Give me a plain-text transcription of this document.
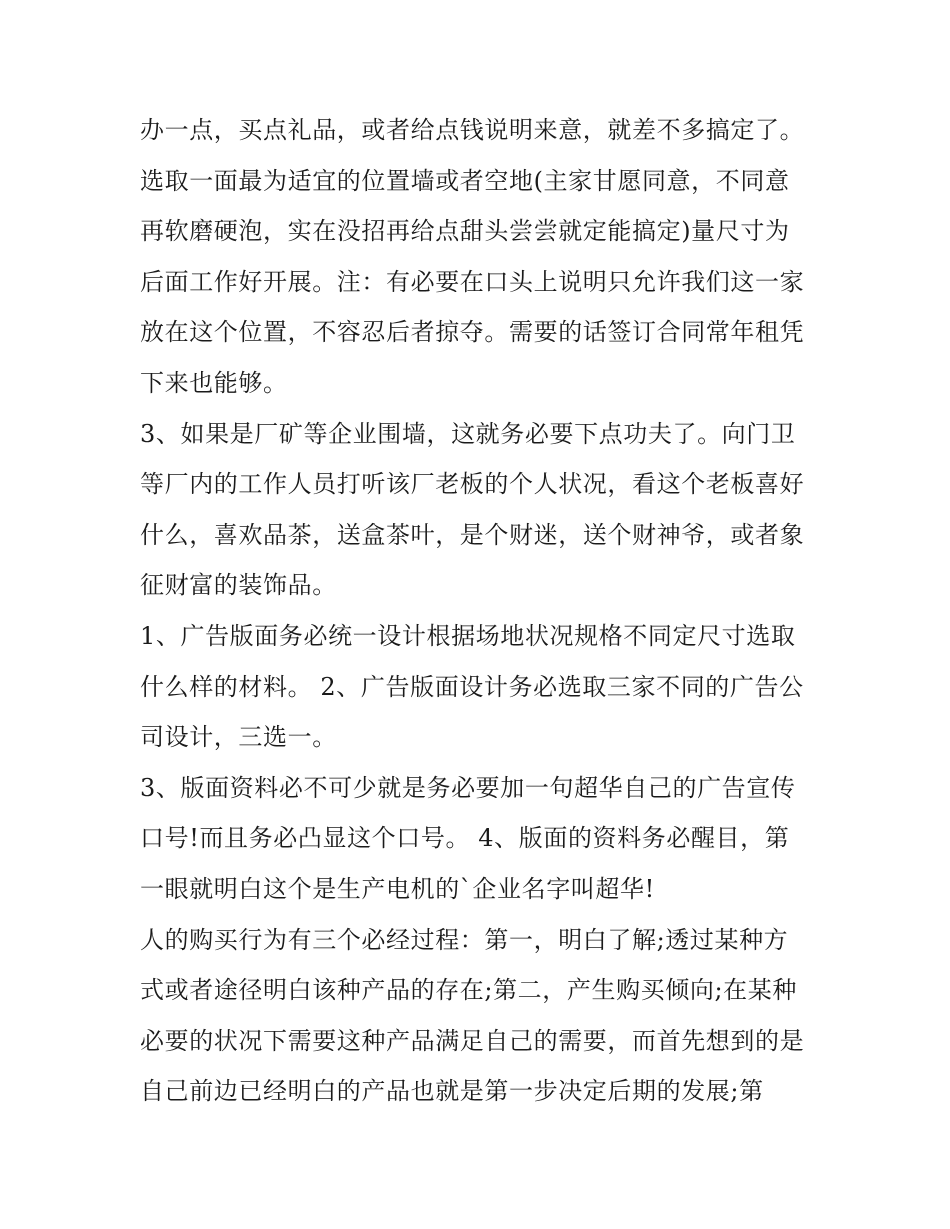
办一点，买点礼品，或者给点钱说明来意，就差不多搞定了。
选取一面最为适宜的位置墙或者空地(主家甘愿同意，不同意
再软磨硬泡，实在没招再给点甜头尝尝就定能搞定)量尺寸为
后面工作好开展。注：有必要在口头上说明只允许我们这一家
放在这个位置，不容忍后者掠夺。需要的话签订合同常年租凭
下来也能够。
3、如果是厂矿等企业围墙，这就务必要下点功夫了。向门卫
等厂内的工作人员打听该厂老板的个人状况，看这个老板喜好
什么，喜欢品茶，送盒茶叶，是个财迷，送个财神爷，或者象
征财富的装饰品。
1、广告版面务必统一设计根据场地状况规格不同定尺寸选取
什么样的材料。 2、广告版面设计务必选取三家不同的广告公
司设计，三选一。
3、版面资料必不可少就是务必要加一句超华自己的广告宣传
口号!而且务必凸显这个口号。 4、版面的资料务必醒目，第
一眼就明白这个是生产电机的`企业名字叫超华!
人的购买行为有三个必经过程：第一，明白了解;透过某种方
式或者途径明白该种产品的存在;第二，产生购买倾向;在某种
必要的状况下需要这种产品满足自己的需要，而首先想到的是
自己前边已经明白的产品也就是第一步决定后期的发展;第
